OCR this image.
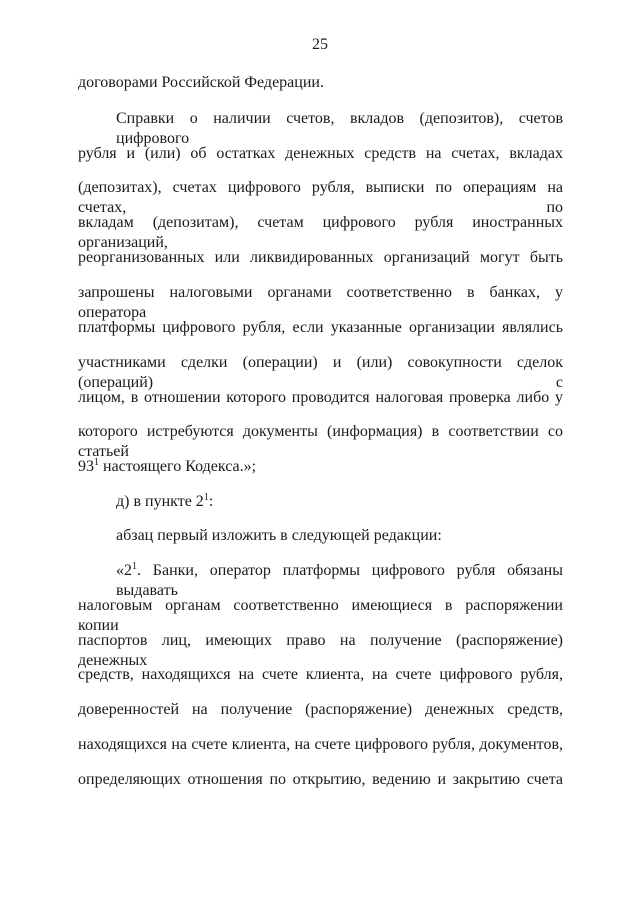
25
договорами Российской Федерации.
Справки о наличии счетов, вкладов (депозитов), счетов цифрового
рубля и (или) об остатках денежных средств на счетах, вкладах
(депозитах), счетах цифрового рубля, выписки по операциям на счетах, по
вкладам (депозитам), счетам цифрового рубля иностранных организаций,
реорганизованных или ликвидированных организаций могут быть
запрошены налоговыми органами соответственно в банках, у оператора
платформы цифрового рубля, если указанные организации являлись
участниками сделки (операции) и (или) совокупности сделок (операций) с
лицом, в отношении которого проводится налоговая проверка либо у
которого истребуются документы (информация) в соответствии со статьей
$93^1$ настоящего Кодекса.»;
д) в пункте $2^1$:
абзац первый изложить в следующей редакции:
«$2^1$. Банки, оператор платформы цифрового рубля обязаны выдавать
налоговым органам соответственно имеющиеся в распоряжении копии
паспортов лиц, имеющих право на получение (распоряжение) денежных
средств, находящихся на счете клиента, на счете цифрового рубля,
доверенностей на получение (распоряжение) денежных средств,
находящихся на счете клиента, на счете цифрового рубля, документов,
определяющих отношения по открытию, ведению и закрытию счета
